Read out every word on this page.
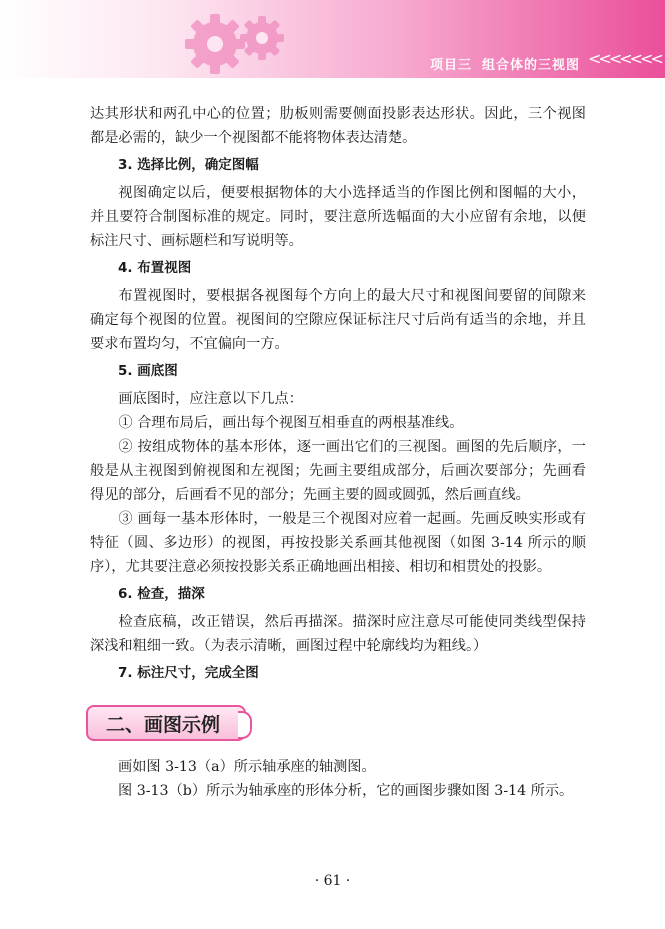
项目三 组合体的三视图 <<<<<<<

达其形状和两孔中心的位置；肋板则需要侧面投影表达形状。因此，三个视图都是必需的，缺少一个视图都不能将物体表达清楚。

3. 选择比例，确定图幅

视图确定以后，便要根据物体的大小选择适当的作图比例和图幅的大小，并且要符合制图标准的规定。同时，要注意所选幅面的大小应留有余地，以便标注尺寸、画标题栏和写说明等。

4. 布置视图

布置视图时，要根据各视图每个方向上的最大尺寸和视图间要留的间隙来确定每个视图的位置。视图间的空隙应保证标注尺寸后尚有适当的余地，并且要求布置均匀，不宜偏向一方。

5. 画底图

画底图时，应注意以下几点：

① 合理布局后，画出每个视图互相垂直的两根基准线。

② 按组成物体的基本形体，逐一画出它们的三视图。画图的先后顺序，一般是从主视图到俯视图和左视图；先画主要组成部分，后画次要部分；先画看得见的部分，后画看不见的部分；先画主要的圆或圆弧，然后画直线。

③ 画每一基本形体时，一般是三个视图对应着一起画。先画反映实形或有特征（圆、多边形）的视图，再按投影关系画其他视图（如图 3-14 所示的顺序），尤其要注意必须按投影关系正确地画出相接、相切和相贯处的投影。

6. 检查，描深

检查底稿，改正错误，然后再描深。描深时应注意尽可能使同类线型保持深浅和粗细一致。（为表示清晰，画图过程中轮廓线均为粗线。）

7. 标注尺寸，完成全图
二、画图示例

画如图 3-13（a）所示轴承座的轴测图。

图 3-13（b）所示为轴承座的形体分析，它的画图步骤如图 3-14 所示。

· 61 ·
